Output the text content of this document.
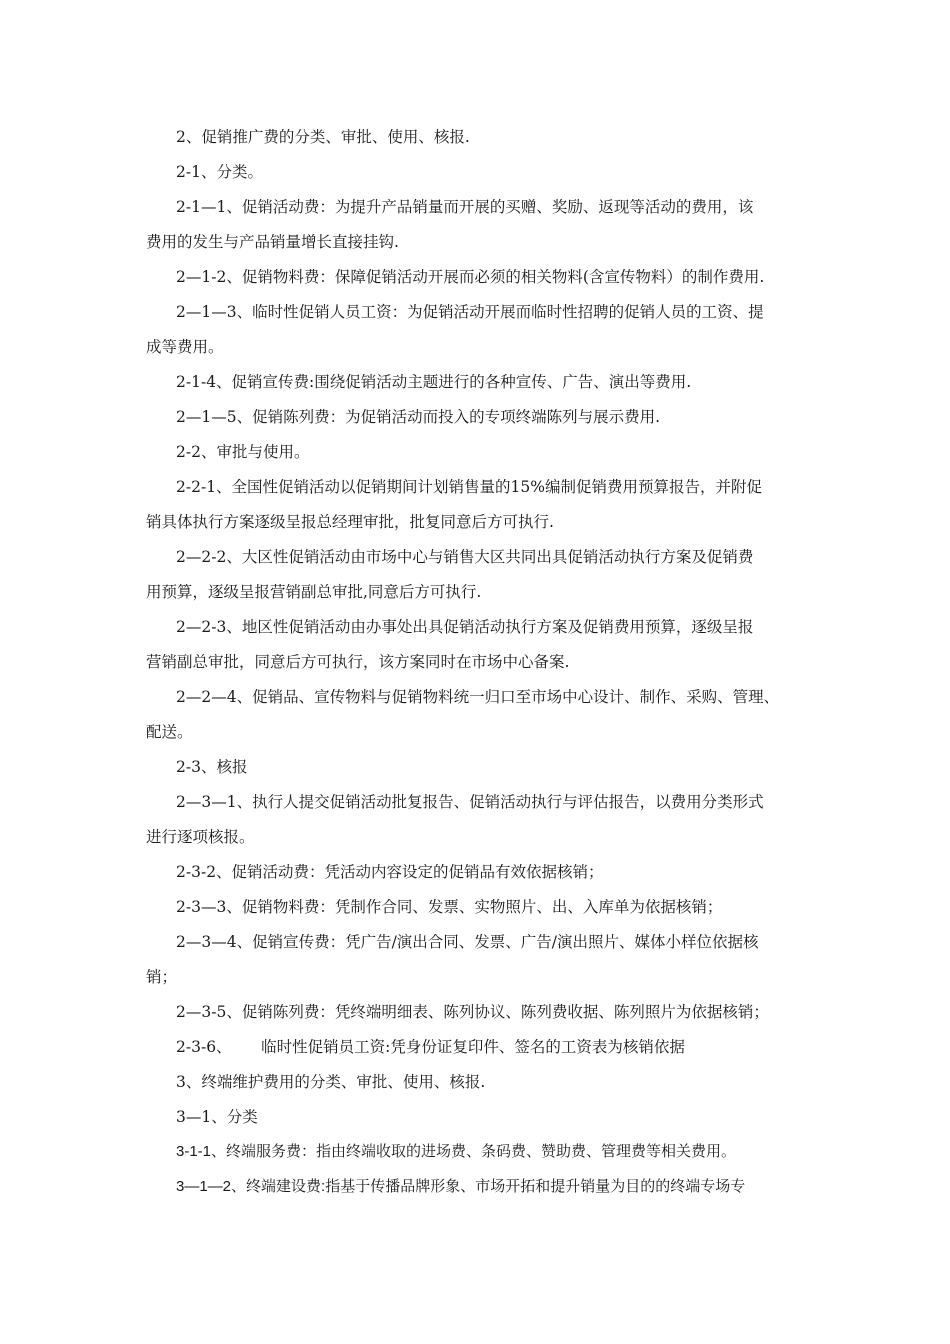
2、促销推广费的分类、审批、使用、核报.
2-1、分类。
2-1—1、促销活动费：为提升产品销量而开展的买赠、奖励、返现等活动的费用，该
费用的发生与产品销量增长直接挂钩.
2—1-2、促销物料费：保障促销活动开展而必须的相关物料(含宣传物料）的制作费用.
2—1—3、临时性促销人员工资：为促销活动开展而临时性招聘的促销人员的工资、提
成等费用。
2-1-4、促销宣传费:围绕促销活动主题进行的各种宣传、广告、演出等费用.
2—1—5、促销陈列费：为促销活动而投入的专项终端陈列与展示费用.
2-2、审批与使用。
2-2-1、全国性促销活动以促销期间计划销售量的15%编制促销费用预算报告，并附促
销具体执行方案逐级呈报总经理审批，批复同意后方可执行.
2—2-2、大区性促销活动由市场中心与销售大区共同出具促销活动执行方案及促销费
用预算，逐级呈报营销副总审批,同意后方可执行.
2—2-3、地区性促销活动由办事处出具促销活动执行方案及促销费用预算，逐级呈报
营销副总审批，同意后方可执行，该方案同时在市场中心备案.
2—2—4、促销品、宣传物料与促销物料统一归口至市场中心设计、制作、采购、管理、
配送。
2-3、核报
2—3—1、执行人提交促销活动批复报告、促销活动执行与评估报告，以费用分类形式
进行逐项核报。
2-3-2、促销活动费：凭活动内容设定的促销品有效依据核销；
2-3—3、促销物料费：凭制作合同、发票、实物照片、出、入库单为依据核销；
2—3—4、促销宣传费：凭广告/演出合同、发票、广告/演出照片、媒体小样位依据核
销；
2—3-5、促销陈列费：凭终端明细表、陈列协议、陈列费收据、陈列照片为依据核销；
2-3-6、      临时性促销员工资:凭身份证复印件、签名的工资表为核销依据
3、终端维护费用的分类、审批、使用、核报.
3—1、分类
3-1-1、终端服务费：指由终端收取的进场费、条码费、赞助费、管理费等相关费用。
3—1—2、终端建设费:指基于传播品牌形象、市场开拓和提升销量为目的的终端专场专
